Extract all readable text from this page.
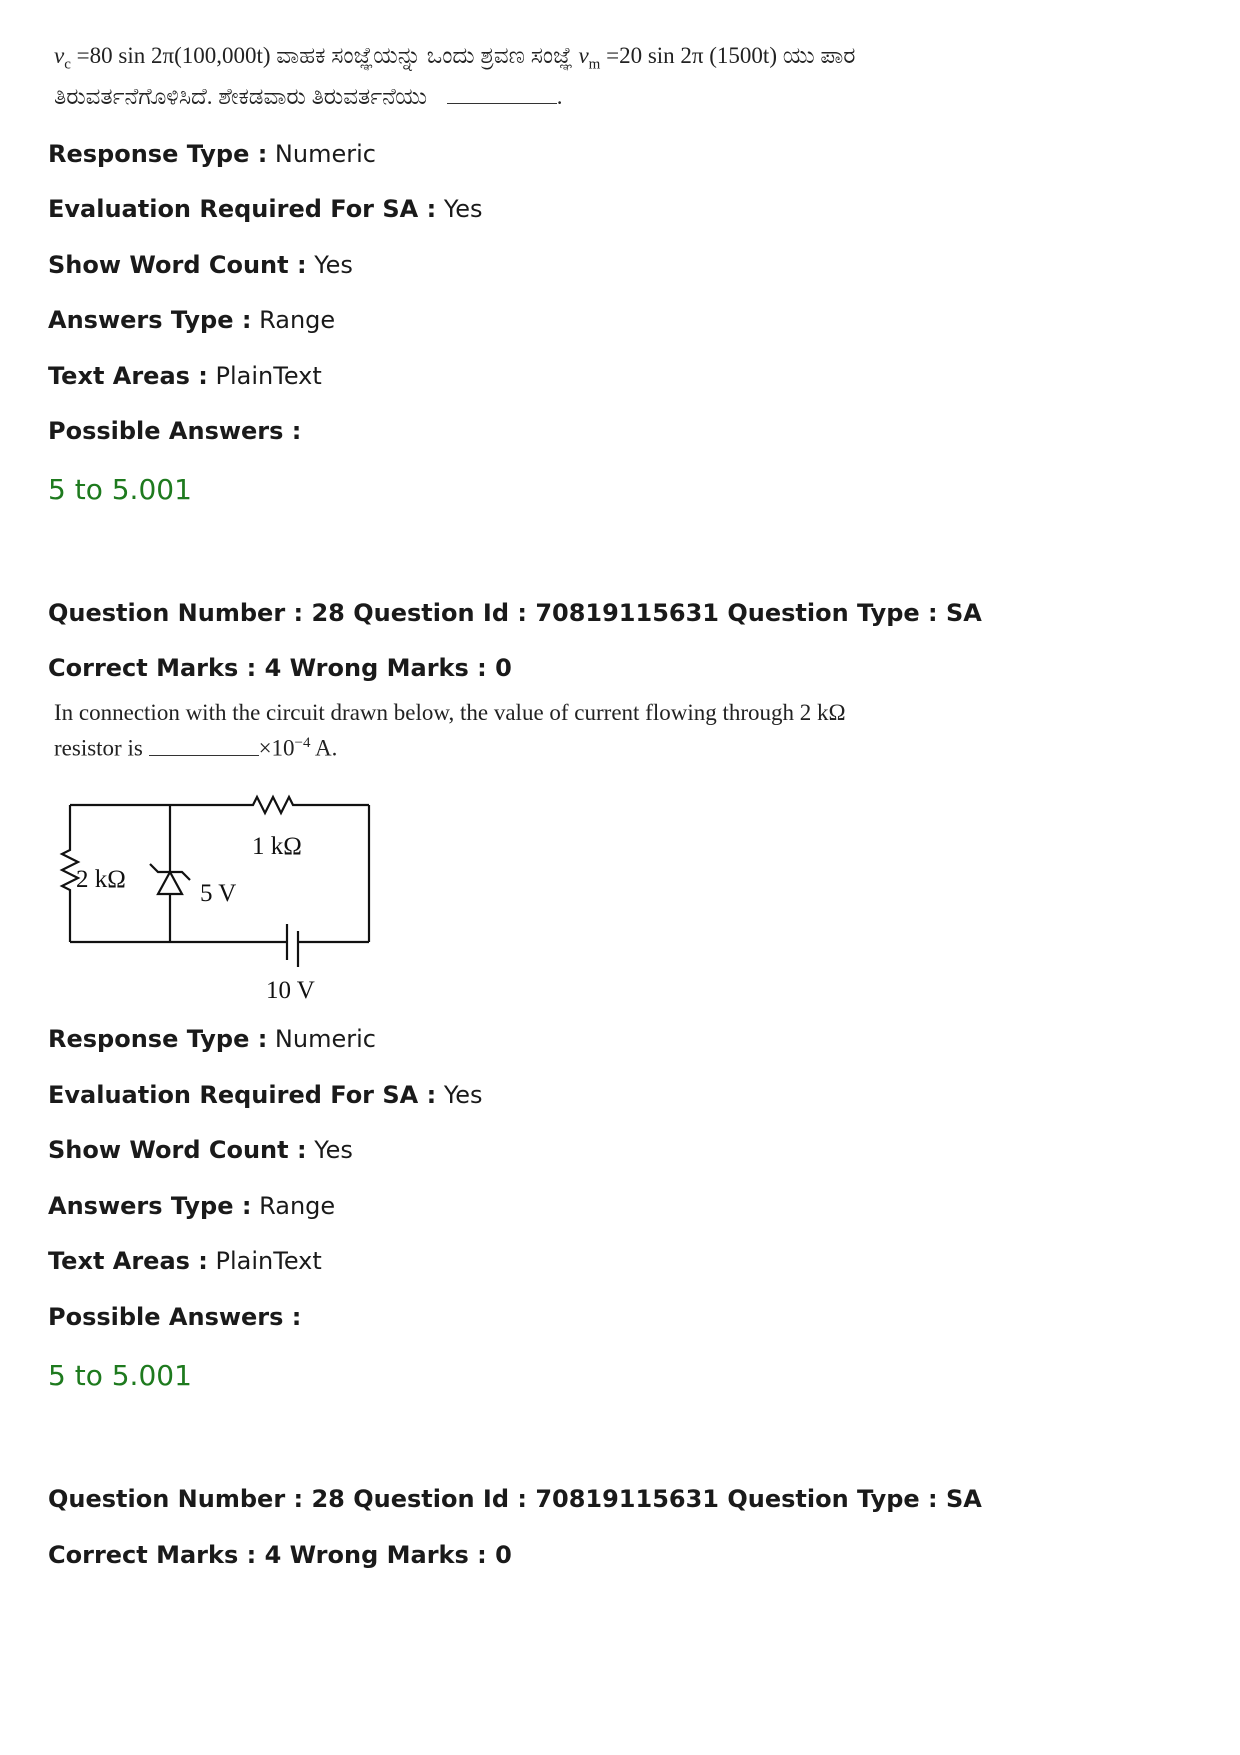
$v_c =80$ sin 2π(100,000t) ವಾಹಕ ಸಂಜ್ಞೆಯನ್ನು ಒಂದು ಶ್ರವಣ ಸಂಜ್ಞೆ $v_m =20$ sin 2π (1500t) ಯು ಪಾರ
ತಿರುವರ್ತನೆಗೊಳಿಸಿದೆ. ಶೇಕಡವಾರು ತಿರುವರ್ತನೆಯು	.
Response Type : Numeric
Evaluation Required For SA : Yes
Show Word Count : Yes
Answers Type : Range
Text Areas : PlainText
Possible Answers :
5 to 5.001
Question Number : 28 Question Id : 70819115631 Question Type : SA
Correct Marks : 4 Wrong Marks : 0
In connection with the circuit drawn below, the value of current flowing through 2 kΩ
resistor is	$\times 10^{-4}$ A.
2 kΩ
1 kΩ
5 V
10 V
Response Type : Numeric
Evaluation Required For SA : Yes
Show Word Count : Yes
Answers Type : Range
Text Areas : PlainText
Possible Answers :
5 to 5.001
Question Number : 28 Question Id : 70819115631 Question Type : SA
Correct Marks : 4 Wrong Marks : 0
